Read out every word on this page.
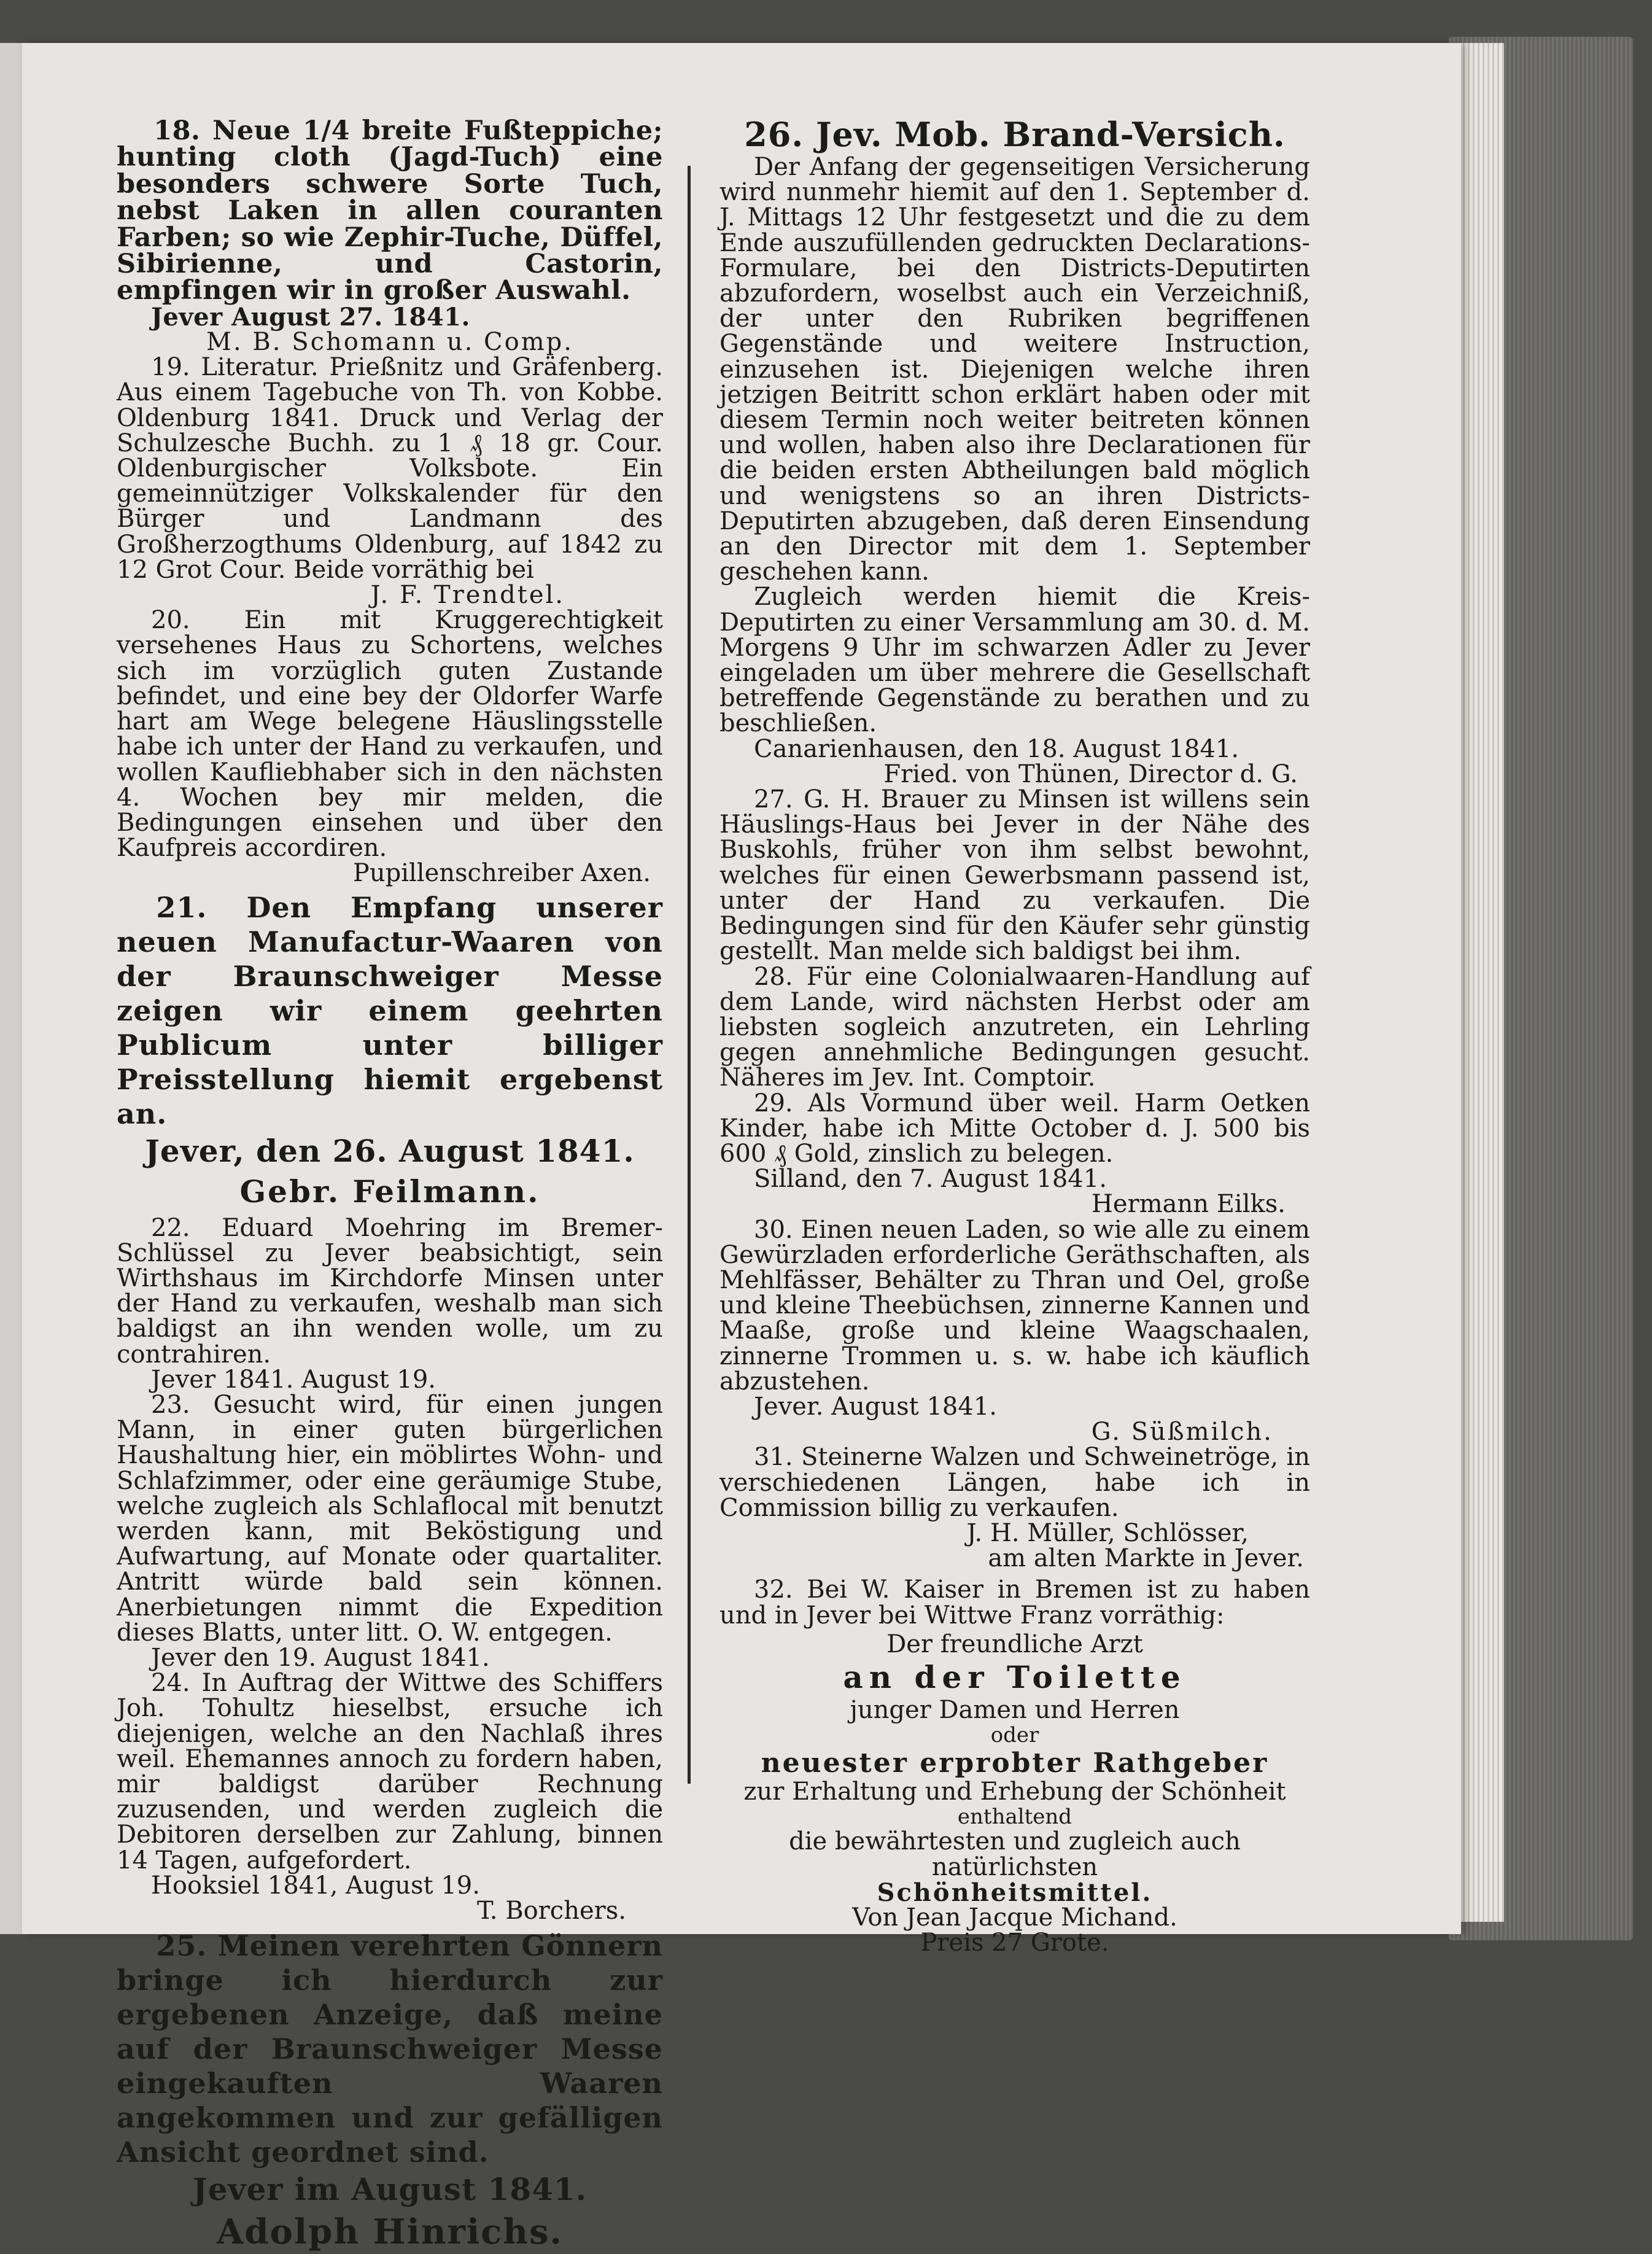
18. Neue 1/4 breite Fußteppiche; hunting cloth (Jagd-Tuch) eine besonders schwere Sorte Tuch, nebst Laken in allen couranten Farben; so wie Zephir-Tuche, Düffel, Sibirienne, und Castorin, empfingen wir in großer Auswahl.

Jever August 27. 1841.

M. B. Schomann u. Comp.

19. Literatur. Prießnitz und Gräfenberg. Aus einem Tagebuche von Th. von Kobbe. Oldenburg 1841. Druck und Verlag der Schulzesche Buchh. zu 1 ₰ 18 gr. Cour. Oldenburgischer Volksbote. Ein gemeinnütziger Volkskalender für den Bürger und Landmann des Großherzogthums Oldenburg, auf 1842 zu 12 Grot Cour. Beide vorräthig bei

J. F. Trendtel.

20. Ein mit Kruggerechtigkeit versehenes Haus zu Schortens, welches sich im vorzüglich guten Zustande befindet, und eine bey der Oldorfer Warfe hart am Wege belegene Häuslingsstelle habe ich unter der Hand zu verkaufen, und wollen Kaufliebhaber sich in den nächsten 4. Wochen bey mir melden, die Bedingungen einsehen und über den Kaufpreis accordiren.

Pupillenschreiber Axen.

21. Den Empfang unserer neuen Manufactur-Waaren von der Braunschweiger Messe zeigen wir einem geehrten Publicum unter billiger Preisstellung hiemit ergebenst an.

Jever, den 26. August 1841.

Gebr. Feilmann.

22. Eduard Moehring im Bremer-Schlüssel zu Jever beabsichtigt, sein Wirthshaus im Kirchdorfe Minsen unter der Hand zu verkaufen, weshalb man sich baldigst an ihn wenden wolle, um zu contrahiren.

Jever 1841. August 19.

23. Gesucht wird, für einen jungen Mann, in einer guten bürgerlichen Haushaltung hier, ein möblirtes Wohn- und Schlafzimmer, oder eine geräumige Stube, welche zugleich als Schlaflocal mit benutzt werden kann, mit Beköstigung und Aufwartung, auf Monate oder quartaliter. Antritt würde bald sein können. Anerbietungen nimmt die Expedition dieses Blatts, unter litt. O. W. entgegen.

Jever den 19. August 1841.

24. In Auftrag der Wittwe des Schiffers Joh. Tohultz hieselbst, ersuche ich diejenigen, welche an den Nachlaß ihres weil. Ehemannes annoch zu fordern haben, mir baldigst darüber Rechnung zuzusenden, und werden zugleich die Debitoren derselben zur Zahlung, binnen 14 Tagen, aufgefordert.

Hooksiel 1841, August 19.

T. Borchers.

25. Meinen verehrten Gönnern bringe ich hierdurch zur ergebenen Anzeige, daß meine auf der Braunschweiger Messe eingekauften Waaren angekommen und zur gefälligen Ansicht geordnet sind.

Jever im August 1841.

Adolph Hinrichs.

26. Jev. Mob. Brand-Versich.

Der Anfang der gegenseitigen Versicherung wird nunmehr hiemit auf den 1. September d. J. Mittags 12 Uhr festgesetzt und die zu dem Ende auszufüllenden gedruckten Declarations-Formulare, bei den Districts-Deputirten abzufordern, woselbst auch ein Verzeichniß, der unter den Rubriken begriffenen Gegenstände und weitere Instruction, einzusehen ist. Diejenigen welche ihren jetzigen Beitritt schon erklärt haben oder mit diesem Termin noch weiter beitreten können und wollen, haben also ihre Declarationen für die beiden ersten Abtheilungen bald möglich und wenigstens so an ihren Districts-Deputirten abzugeben, daß deren Einsendung an den Director mit dem 1. September geschehen kann.

Zugleich werden hiemit die Kreis-Deputirten zu einer Versammlung am 30. d. M. Morgens 9 Uhr im schwarzen Adler zu Jever eingeladen um über mehrere die Gesellschaft betreffende Gegenstände zu berathen und zu beschließen.

Canarienhausen, den 18. August 1841.

Fried. von Thünen, Director d. G.

27. G. H. Brauer zu Minsen ist willens sein Häuslings-Haus bei Jever in der Nähe des Buskohls, früher von ihm selbst bewohnt, welches für einen Gewerbsmann passend ist, unter der Hand zu verkaufen. Die Bedingungen sind für den Käufer sehr günstig gestellt. Man melde sich baldigst bei ihm.

28. Für eine Colonialwaaren-Handlung auf dem Lande, wird nächsten Herbst oder am liebsten sogleich anzutreten, ein Lehrling gegen annehmliche Bedingungen gesucht. Näheres im Jev. Int. Comptoir.

29. Als Vormund über weil. Harm Oetken Kinder, habe ich Mitte October d. J. 500 bis 600 ₰ Gold, zinslich zu belegen.

Silland, den 7. August 1841.

Hermann Eilks.

30. Einen neuen Laden, so wie alle zu einem Gewürzladen erforderliche Geräthschaften, als Mehlfässer, Behälter zu Thran und Oel, große und kleine Theebüchsen, zinnerne Kannen und Maaße, große und kleine Waagschaalen, zinnerne Trommen u. s. w. habe ich käuflich abzustehen.

Jever. August 1841.

G. Süßmilch.

31. Steinerne Walzen und Schweinetröge, in verschiedenen Längen, habe ich in Commission billig zu verkaufen.

J. H. Müller, Schlösser,

am alten Markte in Jever.

32. Bei W. Kaiser in Bremen ist zu haben und in Jever bei Wittwe Franz vorräthig:

Der freundliche Arzt

an der Toilette

junger Damen und Herren

oder

neuester erprobter Rathgeber

zur Erhaltung und Erhebung der Schönheit

enthaltend

die bewährtesten und zugleich auch natürlichsten

Schönheitsmittel.

Von Jean Jacque Michand.

Preis 27 Grote.
